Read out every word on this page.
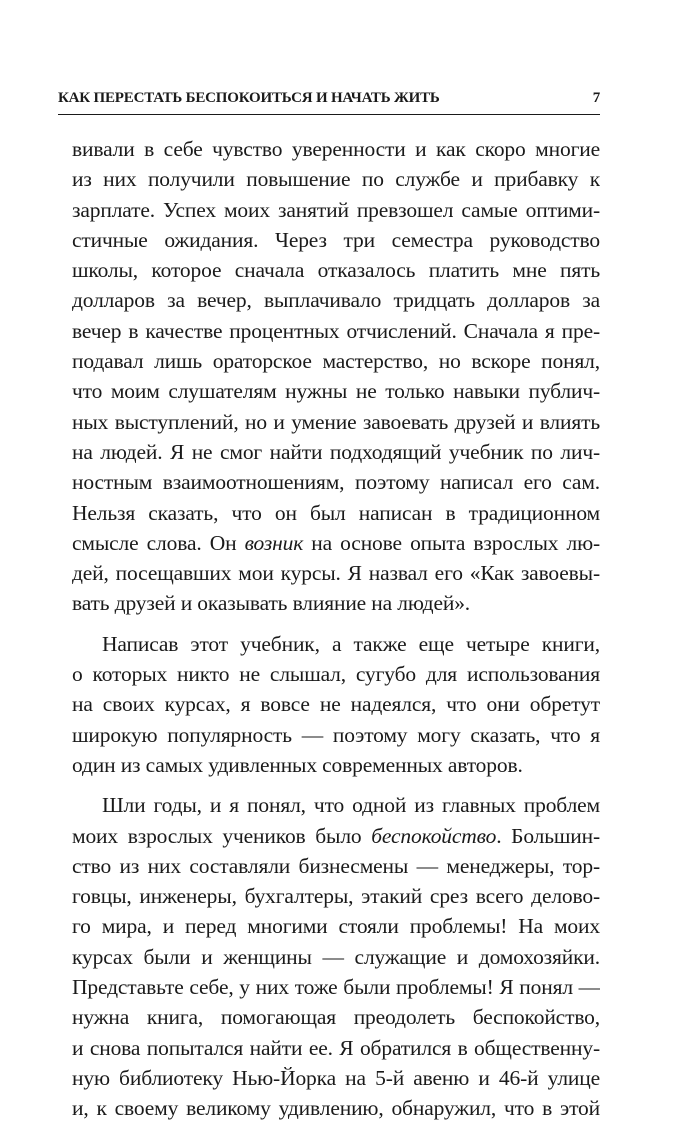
КАК ПЕРЕСТАТЬ БЕСПОКОИТЬСЯ И НАЧАТЬ ЖИТЬ	7
вивали в себе чувство уверенности и как скоро многие
из них получили повышение по службе и прибавку к
зарплате. Успех моих занятий превзошел самые оптими-
стичные ожидания. Через три семестра руководство
школы, которое сначала отказалось платить мне пять
долларов за вечер, выплачивало тридцать долларов за
вечер в качестве процентных отчислений. Сначала я пре-
подавал лишь ораторское мастерство, но вскоре понял,
что моим слушателям нужны не только навыки публич-
ных выступлений, но и умение завоевать друзей и влиять
на людей. Я не смог найти подходящий учебник по лич-
ностным взаимоотношениям, поэтому написал его сам.
Нельзя сказать, что он был написан в традиционном
смысле слова. Он возник на основе опыта взрослых лю-
дей, посещавших мои курсы. Я назвал его «Как завоевы-
вать друзей и оказывать влияние на людей».
Написав этот учебник, а также еще четыре книги,
о которых никто не слышал, сугубо для использования
на своих курсах, я вовсе не надеялся, что они обретут
широкую популярность — поэтому могу сказать, что я
один из самых удивленных современных авторов.
Шли годы, и я понял, что одной из главных проблем
моих взрослых учеников было беспокойство. Большин-
ство из них составляли бизнесмены — менеджеры, тор-
говцы, инженеры, бухгалтеры, этакий срез всего делово-
го мира, и перед многими стояли проблемы! На моих
курсах были и женщины — служащие и домохозяйки.
Представьте себе, у них тоже были проблемы! Я понял —
нужна книга, помогающая преодолеть беспокойство,
и снова попытался найти ее. Я обратился в общественну-
ную библиотеку Нью-Йорка на 5-й авеню и 46-й улице
и, к своему великому удивлению, обнаружил, что в этой
